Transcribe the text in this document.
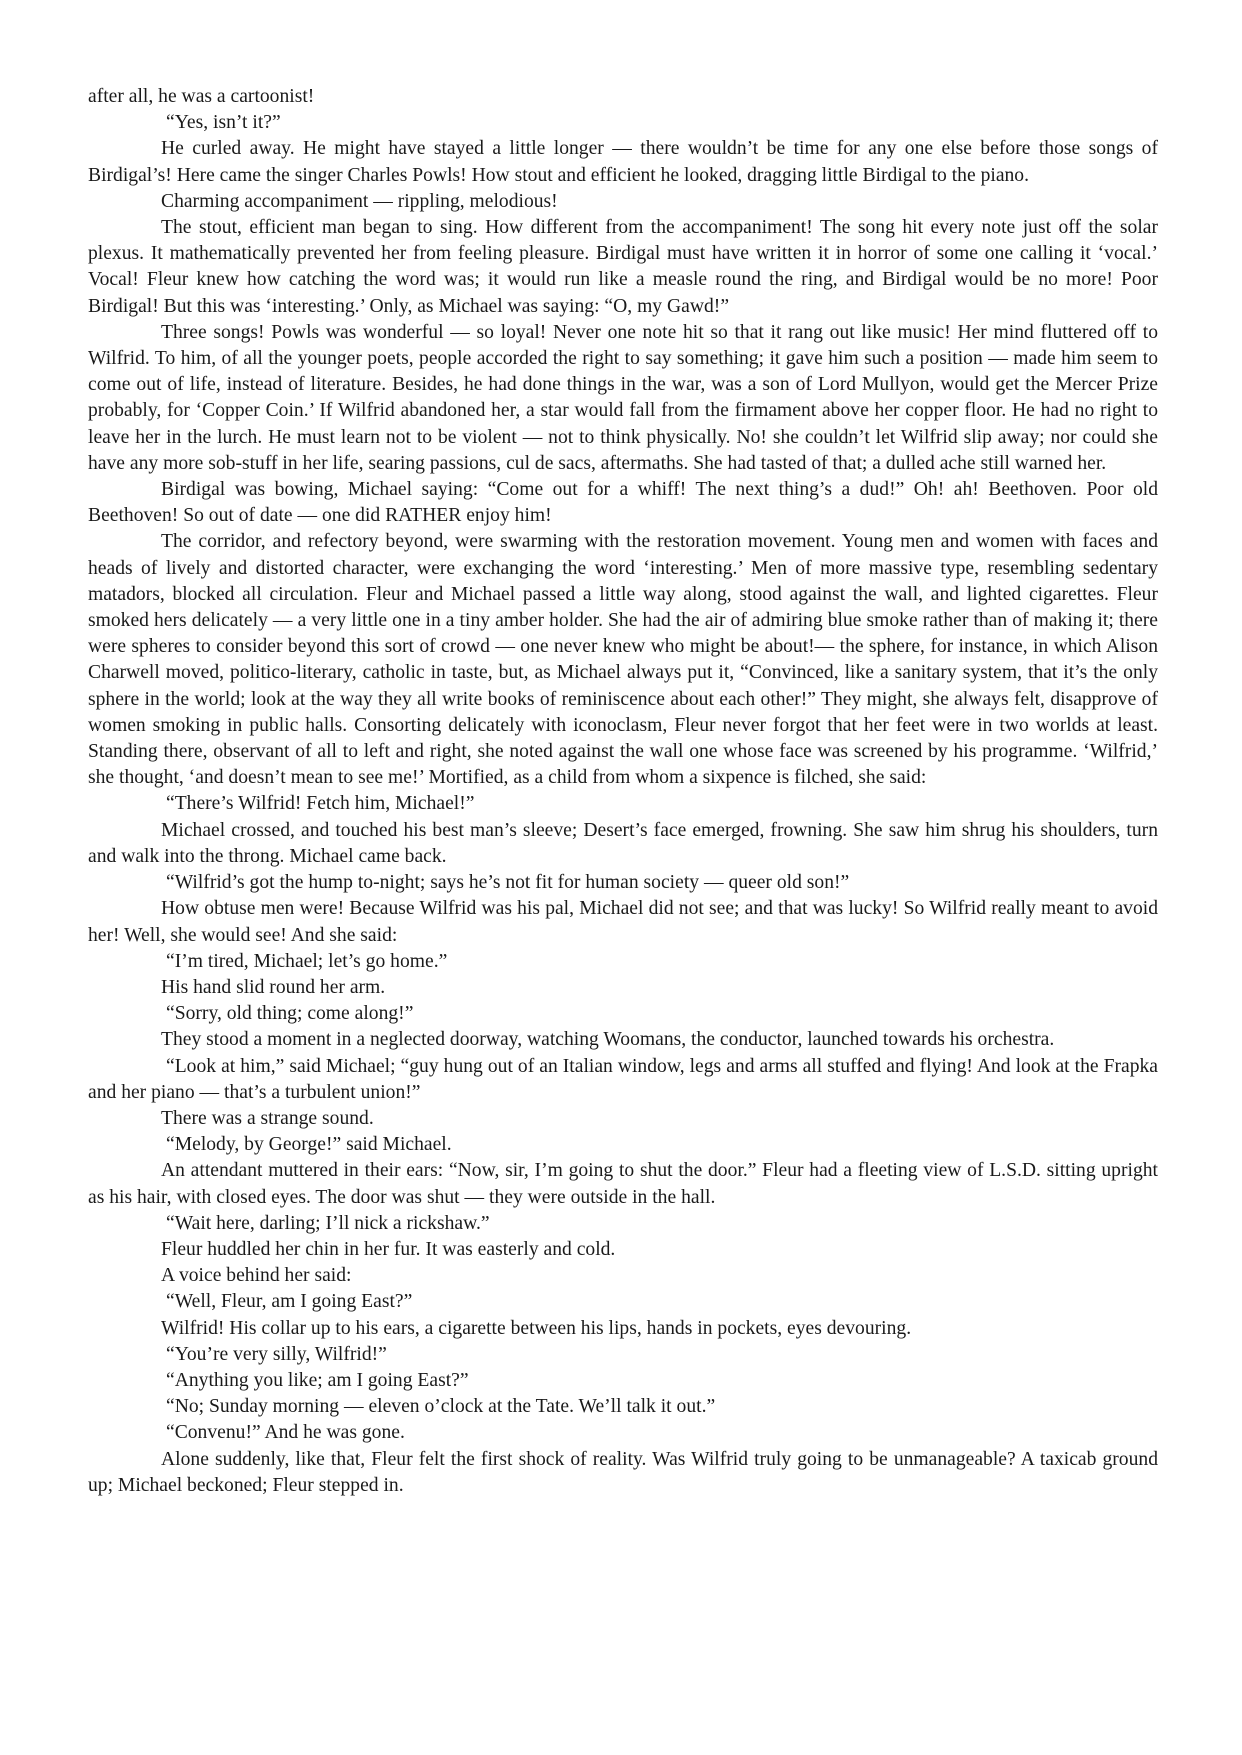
after all, he was a cartoonist!

“Yes, isn’t it?”

He curled away. He might have stayed a little longer — there wouldn’t be time for any one else before those songs of Birdigal’s! Here came the singer Charles Powls! How stout and efficient he looked, dragging little Birdigal to the piano.

Charming accompaniment — rippling, melodious!

The stout, efficient man began to sing. How different from the accompaniment! The song hit every note just off the solar plexus. It mathematically prevented her from feeling pleasure. Birdigal must have written it in horror of some one calling it ‘vocal.’ Vocal! Fleur knew how catching the word was; it would run like a measle round the ring, and Birdigal would be no more! Poor Birdigal! But this was ‘interesting.’ Only, as Michael was saying: “O, my Gawd!”

Three songs! Powls was wonderful — so loyal! Never one note hit so that it rang out like music! Her mind fluttered off to Wilfrid. To him, of all the younger poets, people accorded the right to say something; it gave him such a position — made him seem to come out of life, instead of literature. Besides, he had done things in the war, was a son of Lord Mullyon, would get the Mercer Prize probably, for ‘Copper Coin.’ If Wilfrid abandoned her, a star would fall from the firmament above her copper floor. He had no right to leave her in the lurch. He must learn not to be violent — not to think physically. No! she couldn’t let Wilfrid slip away; nor could she have any more sob-stuff in her life, searing passions, cul de sacs, aftermaths. She had tasted of that; a dulled ache still warned her.

Birdigal was bowing, Michael saying: “Come out for a whiff! The next thing’s a dud!” Oh! ah! Beethoven. Poor old Beethoven! So out of date — one did RATHER enjoy him!

The corridor, and refectory beyond, were swarming with the restoration movement. Young men and women with faces and heads of lively and distorted character, were exchanging the word ‘interesting.’ Men of more massive type, resembling sedentary matadors, blocked all circulation. Fleur and Michael passed a little way along, stood against the wall, and lighted cigarettes. Fleur smoked hers delicately — a very little one in a tiny amber holder. She had the air of admiring blue smoke rather than of making it; there were spheres to consider beyond this sort of crowd — one never knew who might be about!— the sphere, for instance, in which Alison Charwell moved, politico-literary, catholic in taste, but, as Michael always put it, “Convinced, like a sanitary system, that it’s the only sphere in the world; look at the way they all write books of reminiscence about each other!” They might, she always felt, disapprove of women smoking in public halls. Consorting delicately with iconoclasm, Fleur never forgot that her feet were in two worlds at least. Standing there, observant of all to left and right, she noted against the wall one whose face was screened by his programme. ‘Wilfrid,’ she thought, ‘and doesn’t mean to see me!’ Mortified, as a child from whom a sixpence is filched, she said:

“There’s Wilfrid! Fetch him, Michael!”

Michael crossed, and touched his best man’s sleeve; Desert’s face emerged, frowning. She saw him shrug his shoulders, turn and walk into the throng. Michael came back.

“Wilfrid’s got the hump to-night; says he’s not fit for human society — queer old son!”

How obtuse men were! Because Wilfrid was his pal, Michael did not see; and that was lucky! So Wilfrid really meant to avoid her! Well, she would see! And she said:

“I’m tired, Michael; let’s go home.”

His hand slid round her arm.

“Sorry, old thing; come along!”

They stood a moment in a neglected doorway, watching Woomans, the conductor, launched towards his orchestra.

“Look at him,” said Michael; “guy hung out of an Italian window, legs and arms all stuffed and flying! And look at the Frapka and her piano — that’s a turbulent union!”

There was a strange sound.

“Melody, by George!” said Michael.

An attendant muttered in their ears: “Now, sir, I’m going to shut the door.” Fleur had a fleeting view of L.S.D. sitting upright as his hair, with closed eyes. The door was shut — they were outside in the hall.

“Wait here, darling; I’ll nick a rickshaw.”

Fleur huddled her chin in her fur. It was easterly and cold.

A voice behind her said:

“Well, Fleur, am I going East?”

Wilfrid! His collar up to his ears, a cigarette between his lips, hands in pockets, eyes devouring.

“You’re very silly, Wilfrid!”

“Anything you like; am I going East?”

“No; Sunday morning — eleven o’clock at the Tate. We’ll talk it out.”

“Convenu!” And he was gone.

Alone suddenly, like that, Fleur felt the first shock of reality. Was Wilfrid truly going to be unmanageable? A taxicab ground up; Michael beckoned; Fleur stepped in.
